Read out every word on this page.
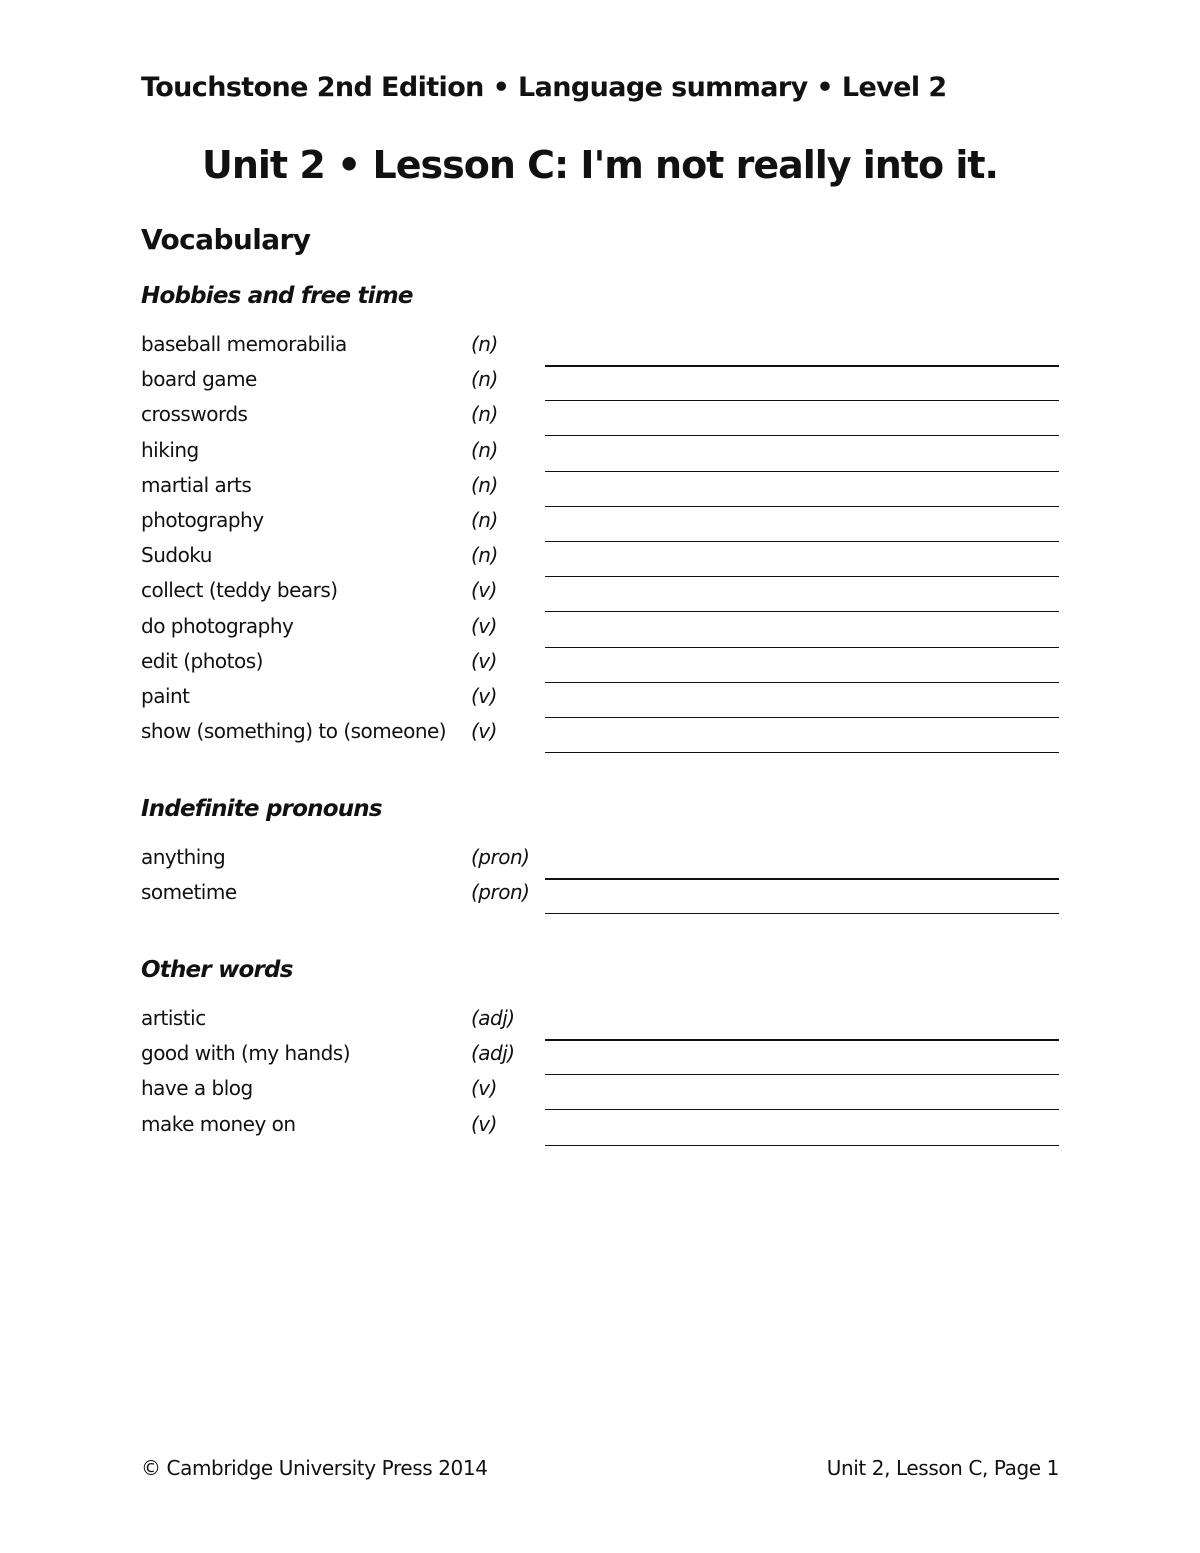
Touchstone 2nd Edition • Language summary • Level 2
Unit 2 • Lesson C: I'm not really into it.
Vocabulary
Hobbies and free time
baseball memorabilia	(n)
board game	(n)
crosswords	(n)
hiking	(n)
martial arts	(n)
photography	(n)
Sudoku	(n)
collect (teddy bears)	(v)
do photography	(v)
edit (photos)	(v)
paint	(v)
show (something) to (someone) (v)
Indefinite pronouns
anything	(pron)
sometime	(pron)
Other words
artistic	(adj)
good with (my hands)	(adj)
have a blog	(v)
make money on	(v)
© Cambridge University Press 2014	Unit 2, Lesson C, Page 1
